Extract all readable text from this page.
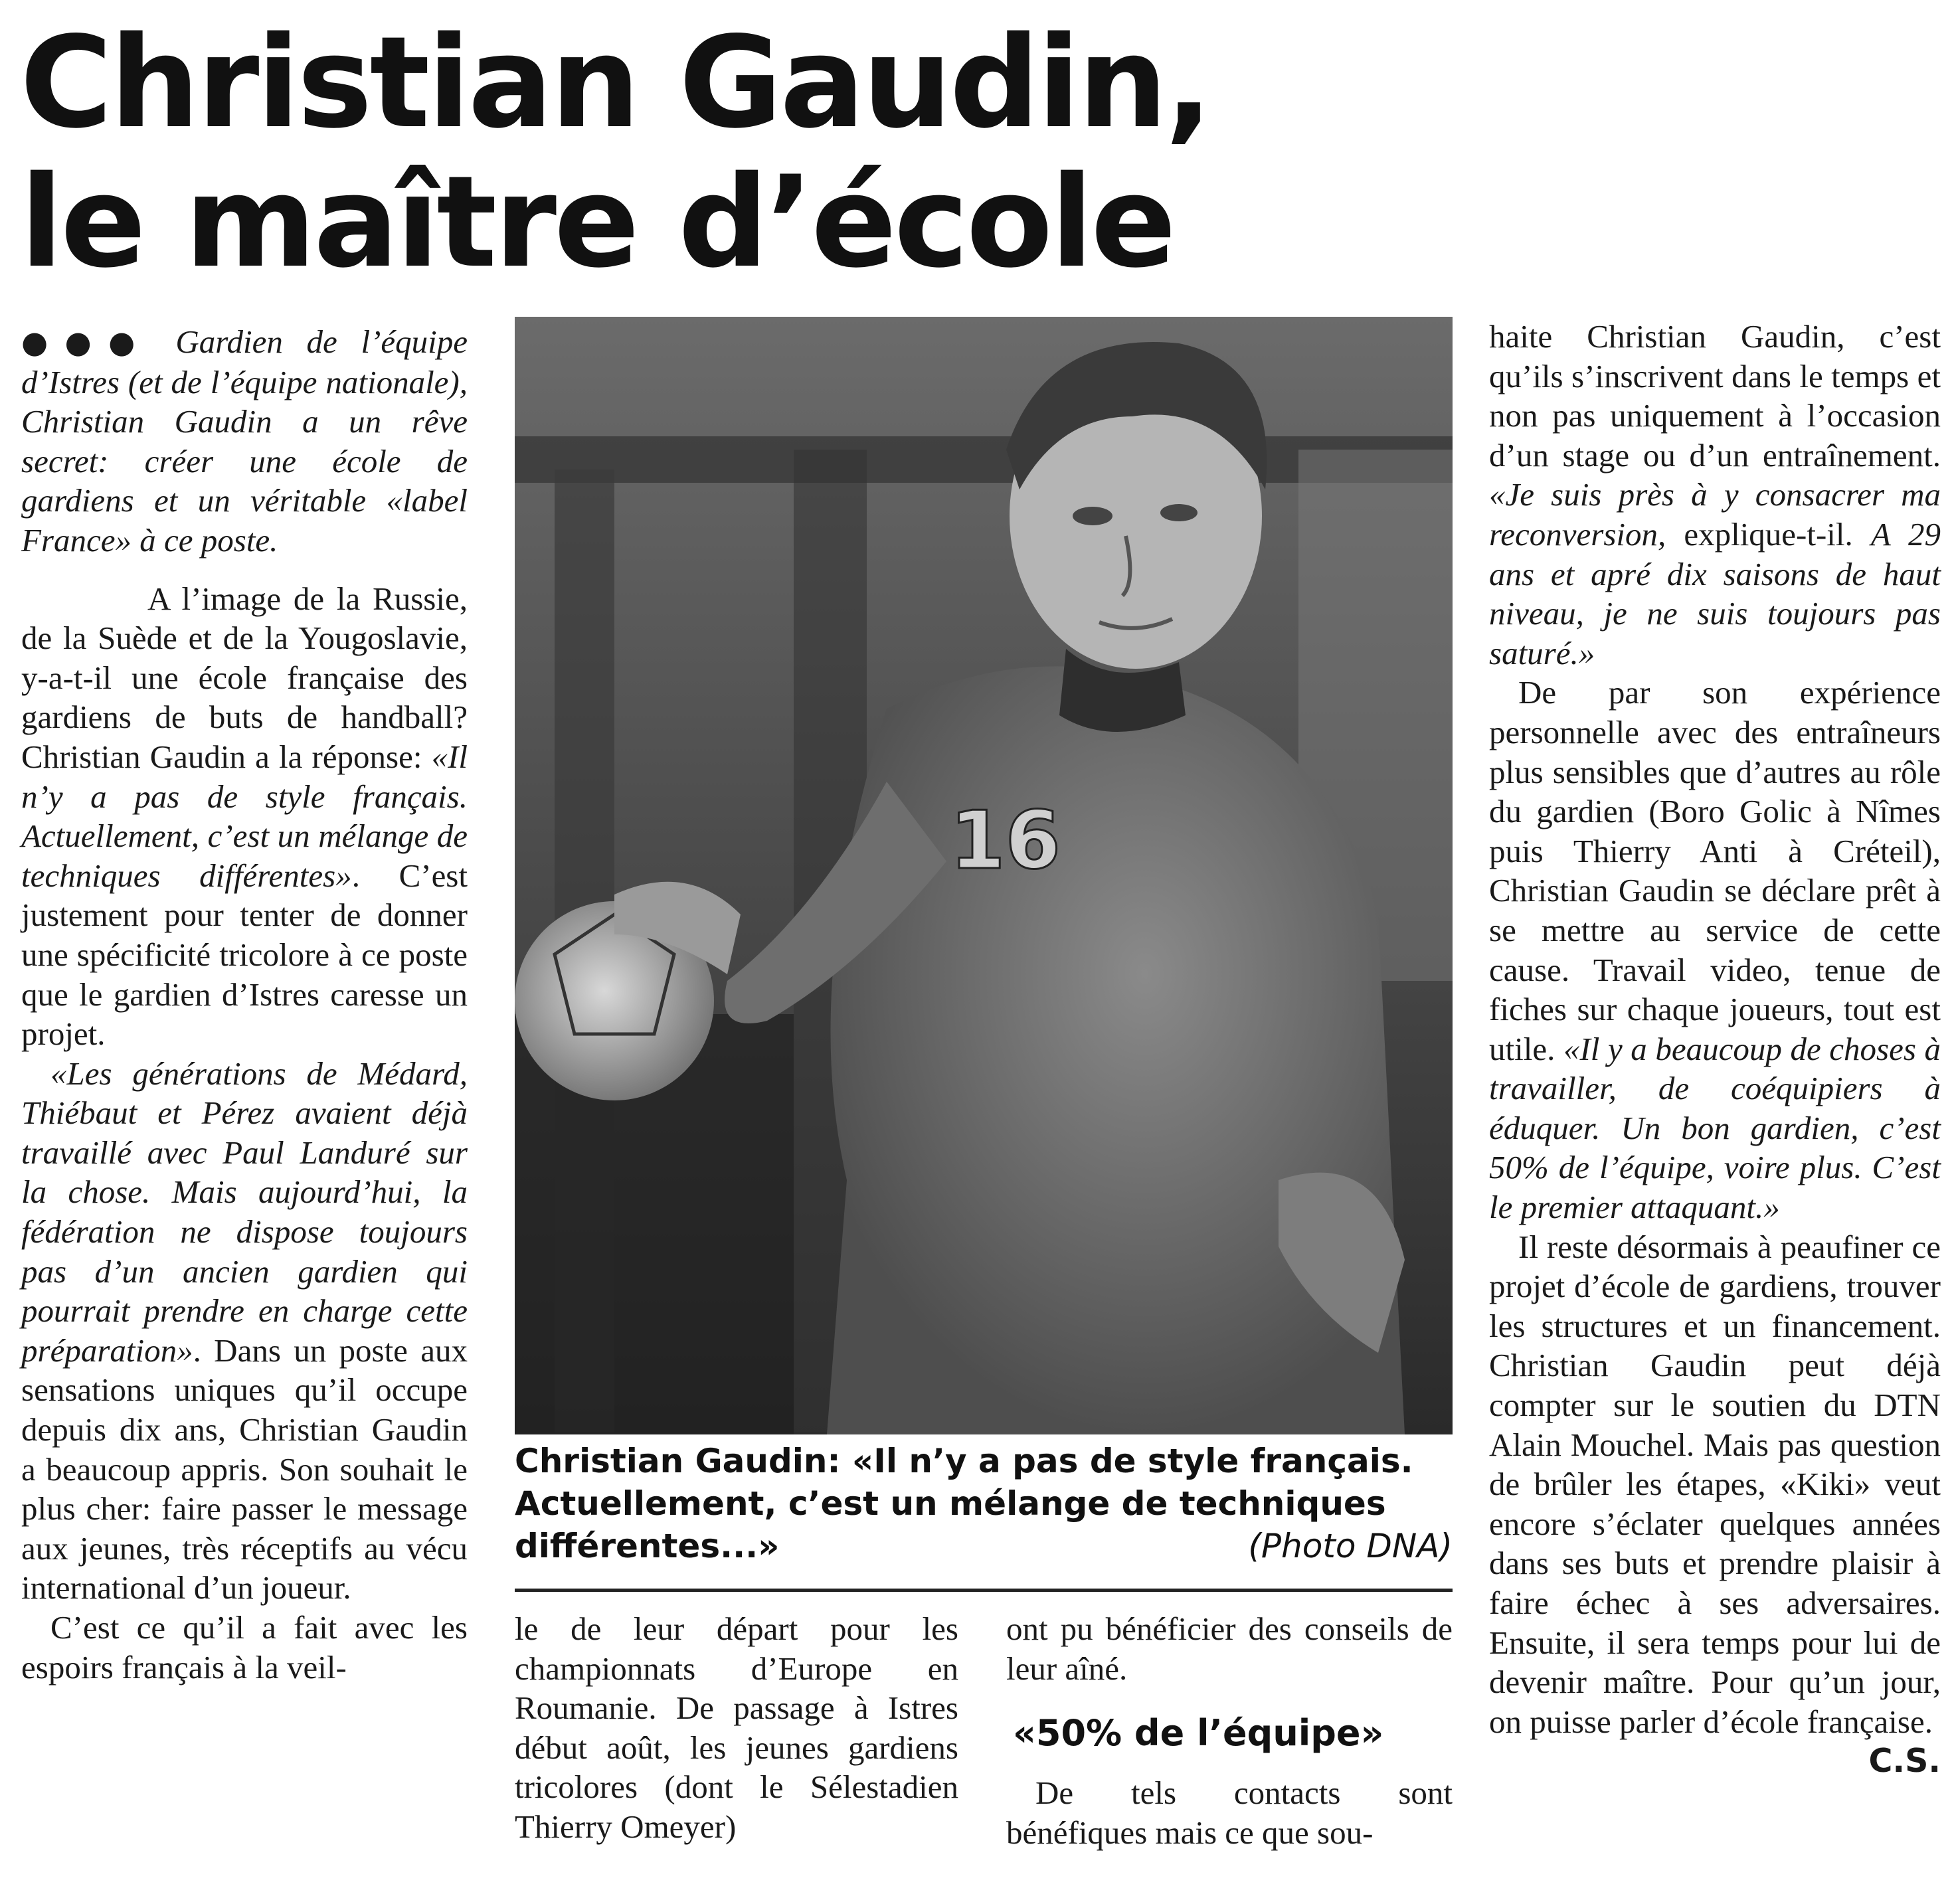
Christian Gaudin,
le maître d’école

●●● Gardien de l’équipe d’Istres (et de l’équipe nationale), Christian Gaudin a un rêve secret: créer une école de gardiens et un véritable «label France» à ce poste.

A l’image de la Russie, de la Suède et de la Yougoslavie, y-a-t-il une école française des gardiens de buts de handball? Christian Gaudin a la réponse: «Il n’y a pas de style français. Actuellement, c’est un mélange de techniques différentes». C’est justement pour tenter de donner une spécificité tricolore à ce poste que le gardien d’Istres caresse un projet.

«Les générations de Médard, Thiébaut et Pérez avaient déjà travaillé avec Paul Landuré sur la chose. Mais aujourd’hui, la fédération ne dispose toujours pas d’un ancien gardien qui pourrait prendre en charge cette préparation». Dans un poste aux sensations uniques qu’il occupe depuis dix ans, Christian Gaudin a beaucoup appris. Son souhait le plus cher: faire passer le message aux jeunes, très réceptifs au vécu international d’un joueur.

C’est ce qu’il a fait avec les espoirs français à la veil-

16

Christian Gaudin: «Il n’y a pas de style français. Actuellement, c’est un mélange de techniques différentes...»	(Photo DNA)

le de leur départ pour les championnats d’Europe en Roumanie. De passage à Istres début août, les jeunes gardiens tricolores (dont le Sélestadien Thierry Omeyer)

ont pu bénéficier des conseils de leur aîné.

«50% de l’équipe»

De tels contacts sont bénéfiques mais ce que sou-

haite Christian Gaudin, c’est qu’ils s’inscrivent dans le temps et non pas uniquement à l’occasion d’un stage ou d’un entraînement. «Je suis près à y consacrer ma reconversion, explique-t-il. A 29 ans et apré dix saisons de haut niveau, je ne suis toujours pas saturé.»

De par son expérience personnelle avec des entraîneurs plus sensibles que d’autres au rôle du gardien (Boro Golic à Nîmes puis Thierry Anti à Créteil), Christian Gaudin se déclare prêt à se mettre au service de cette cause. Travail video, tenue de fiches sur chaque joueurs, tout est utile. «Il y a beaucoup de choses à travailler, de coéquipiers à éduquer. Un bon gardien, c’est 50% de l’équipe, voire plus. C’est le premier attaquant.»

Il reste désormais à peaufiner ce projet d’école de gardiens, trouver les structures et un financement. Christian Gaudin peut déjà compter sur le soutien du DTN Alain Mouchel. Mais pas question de brûler les étapes, «Kiki» veut encore s’éclater quelques années dans ses buts et prendre plaisir à faire échec à ses adversaires. Ensuite, il sera temps pour lui de devenir maître. Pour qu’un jour, on puisse parler d’école française.
C.S.
